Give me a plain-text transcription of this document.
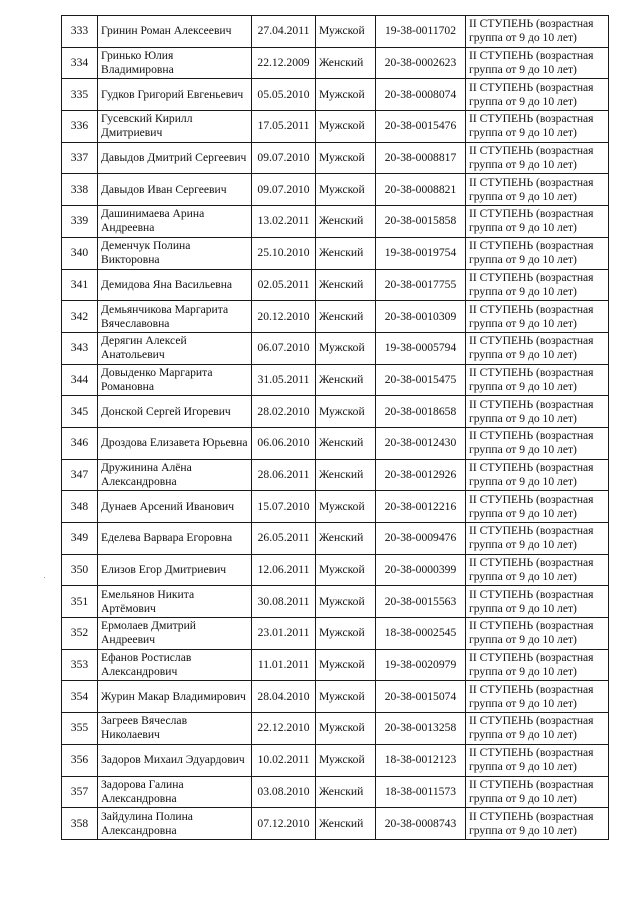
333	Гринин Роман Алексеевич	27.04.2011	Мужской	19-38-0011702	II СТУПЕНЬ (возрастная группа от 9 до 10 лет)
334	Гринько Юлия Владимировна	22.12.2009	Женский	20-38-0002623	II СТУПЕНЬ (возрастная группа от 9 до 10 лет)
335	Гудков Григорий Евгеньевич	05.05.2010	Мужской	20-38-0008074	II СТУПЕНЬ (возрастная группа от 9 до 10 лет)
336	Гусевский Кирилл Дмитриевич	17.05.2011	Мужской	20-38-0015476	II СТУПЕНЬ (возрастная группа от 9 до 10 лет)
337	Давыдов Дмитрий Сергеевич	09.07.2010	Мужской	20-38-0008817	II СТУПЕНЬ (возрастная группа от 9 до 10 лет)
338	Давыдов Иван Сергеевич	09.07.2010	Мужской	20-38-0008821	II СТУПЕНЬ (возрастная группа от 9 до 10 лет)
339	Дашинимаева Арина Андреевна	13.02.2011	Женский	20-38-0015858	II СТУПЕНЬ (возрастная группа от 9 до 10 лет)
340	Деменчук Полина Викторовна	25.10.2010	Женский	19-38-0019754	II СТУПЕНЬ (возрастная группа от 9 до 10 лет)
341	Демидова Яна Васильевна	02.05.2011	Женский	20-38-0017755	II СТУПЕНЬ (возрастная группа от 9 до 10 лет)
342	Демьянчикова Маргарита Вячеславовна	20.12.2010	Женский	20-38-0010309	II СТУПЕНЬ (возрастная группа от 9 до 10 лет)
343	Дерягин Алексей Анатольевич	06.07.2010	Мужской	19-38-0005794	II СТУПЕНЬ (возрастная группа от 9 до 10 лет)
344	Довыденко Маргарита Романовна	31.05.2011	Женский	20-38-0015475	II СТУПЕНЬ (возрастная группа от 9 до 10 лет)
345	Донской Сергей Игоревич	28.02.2010	Мужской	20-38-0018658	II СТУПЕНЬ (возрастная группа от 9 до 10 лет)
346	Дроздова Елизавета Юрьевна	06.06.2010	Женский	20-38-0012430	II СТУПЕНЬ (возрастная группа от 9 до 10 лет)
347	Дружинина Алёна Александровна	28.06.2011	Женский	20-38-0012926	II СТУПЕНЬ (возрастная группа от 9 до 10 лет)
348	Дунаев Арсений Иванович	15.07.2010	Мужской	20-38-0012216	II СТУПЕНЬ (возрастная группа от 9 до 10 лет)
349	Еделева Варвара Егоровна	26.05.2011	Женский	20-38-0009476	II СТУПЕНЬ (возрастная группа от 9 до 10 лет)
350	Елизов Егор Дмитриевич	12.06.2011	Мужской	20-38-0000399	II СТУПЕНЬ (возрастная группа от 9 до 10 лет)
351	Емельянов Никита Артёмович	30.08.2011	Мужской	20-38-0015563	II СТУПЕНЬ (возрастная группа от 9 до 10 лет)
352	Ермолаев Дмитрий Андреевич	23.01.2011	Мужской	18-38-0002545	II СТУПЕНЬ (возрастная группа от 9 до 10 лет)
353	Ефанов Ростислав Александрович	11.01.2011	Мужской	19-38-0020979	II СТУПЕНЬ (возрастная группа от 9 до 10 лет)
354	Журин Макар Владимирович	28.04.2010	Мужской	20-38-0015074	II СТУПЕНЬ (возрастная группа от 9 до 10 лет)
355	Загреев Вячеслав Николаевич	22.12.2010	Мужской	20-38-0013258	II СТУПЕНЬ (возрастная группа от 9 до 10 лет)
356	Задоров Михаил Эдуардович	10.02.2011	Мужской	18-38-0012123	II СТУПЕНЬ (возрастная группа от 9 до 10 лет)
357	Задорова Галина Александровна	03.08.2010	Женский	18-38-0011573	II СТУПЕНЬ (возрастная группа от 9 до 10 лет)
358	Зайдулина Полина Александровна	07.12.2010	Женский	20-38-0008743	II СТУПЕНЬ (возрастная группа от 9 до 10 лет)
